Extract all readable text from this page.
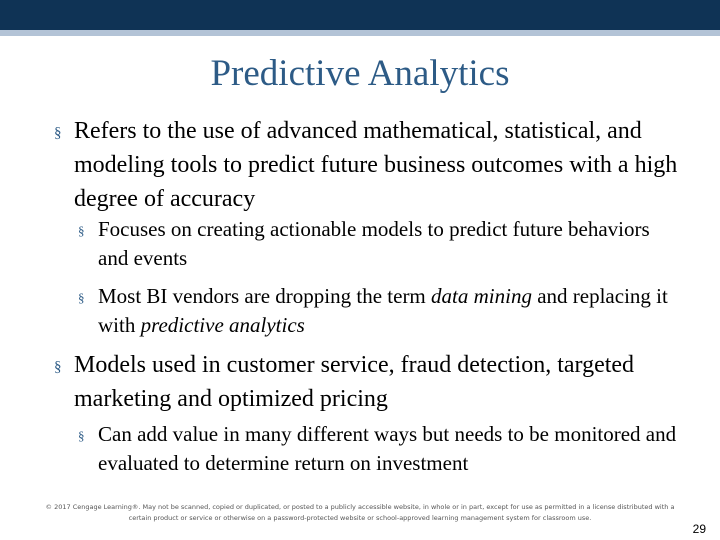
Predictive Analytics
§ Refers to the use of advanced mathematical, statistical, and modeling tools to predict future business outcomes with a high degree of accuracy
§ Focuses on creating actionable models to predict future behaviors and events
§ Most BI vendors are dropping the term data mining and replacing it with predictive analytics
§ Models used in customer service, fraud detection, targeted marketing and optimized pricing
§ Can add value in many different ways but needs to be monitored and evaluated to determine return on investment
© 2017 Cengage Learning®. May not be scanned, copied or duplicated, or posted to a publicly accessible website, in whole or in part, except for use as permitted in a license distributed with a certain product or service or otherwise on a password-protected website or school-approved learning management system for classroom use.
29
